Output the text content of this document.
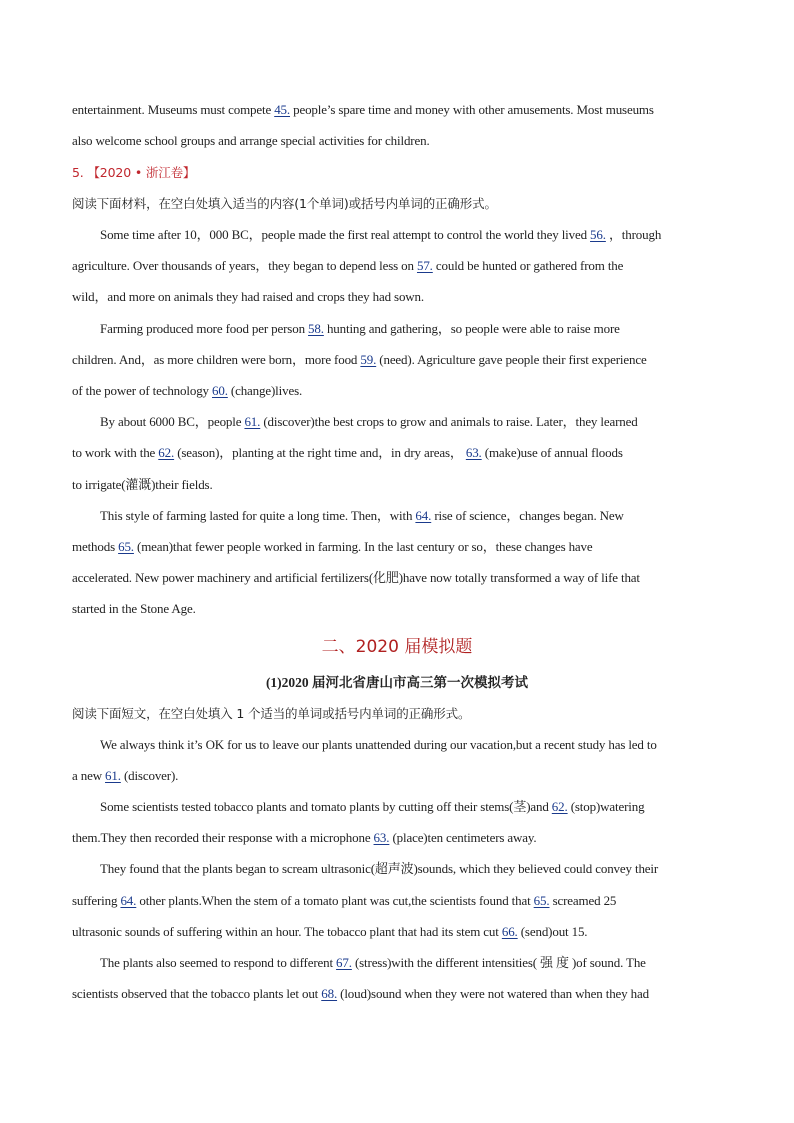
entertainment. Museums must compete 45. people’s spare time and money with other amusements. Most museums
also welcome school groups and arrange special activities for children.
5. 【2020 • 浙江卷】
阅读下面材料，在空白处填入适当的内容(1个单词)或括号内单词的正确形式。
Some time after 10，000 BC，people made the first real attempt to control the world they lived 56. ，through
agriculture. Over thousands of years，they began to depend less on 57. could be hunted or gathered from the
wild，and more on animals they had raised and crops they had sown.
Farming produced more food per person 58. hunting and gathering，so people were able to raise more
children. And，as more children were born，more food 59. (need). Agriculture gave people their first experience
of the power of technology 60. (change)lives.
By about 6000 BC，people 61. (discover)the best crops to grow and animals to raise. Later，they learned
to work with the 62. (season)，planting at the right time and，in dry areas， 63. (make)use of annual floods
to irrigate(灌溉)their fields.
This style of farming lasted for quite a long time. Then，with 64. rise of science，changes began. New
methods 65. (mean)that fewer people worked in farming. In the last century or so，these changes have
accelerated. New power machinery and artificial fertilizers(化肥)have now totally transformed a way of life that
started in the Stone Age.
二、2020 届模拟题
(1)2020 届河北省唐山市高三第一次模拟考试
阅读下面短文，在空白处填入 1 个适当的单词或括号内单词的正确形式。
We always think it’s OK for us to leave our plants unattended during our vacation,but a recent study has led to
a new 61. (discover).
Some scientists tested tobacco plants and tomato plants by cutting off their stems(茎)and 62. (stop)watering
them.They then recorded their response with a microphone 63. (place)ten centimeters away.
They found that the plants began to scream ultrasonic(超声波)sounds, which they believed could convey their
suffering 64. other plants.When the stem of a tomato plant was cut,the scientists found that 65. screamed 25
ultrasonic sounds of suffering within an hour. The tobacco plant that had its stem cut 66. (send)out 15.
The plants also seemed to respond to different 67. (stress)with the different intensities( 强 度 )of sound. The
scientists observed that the tobacco plants let out 68. (loud)sound when they were not watered than when they had
